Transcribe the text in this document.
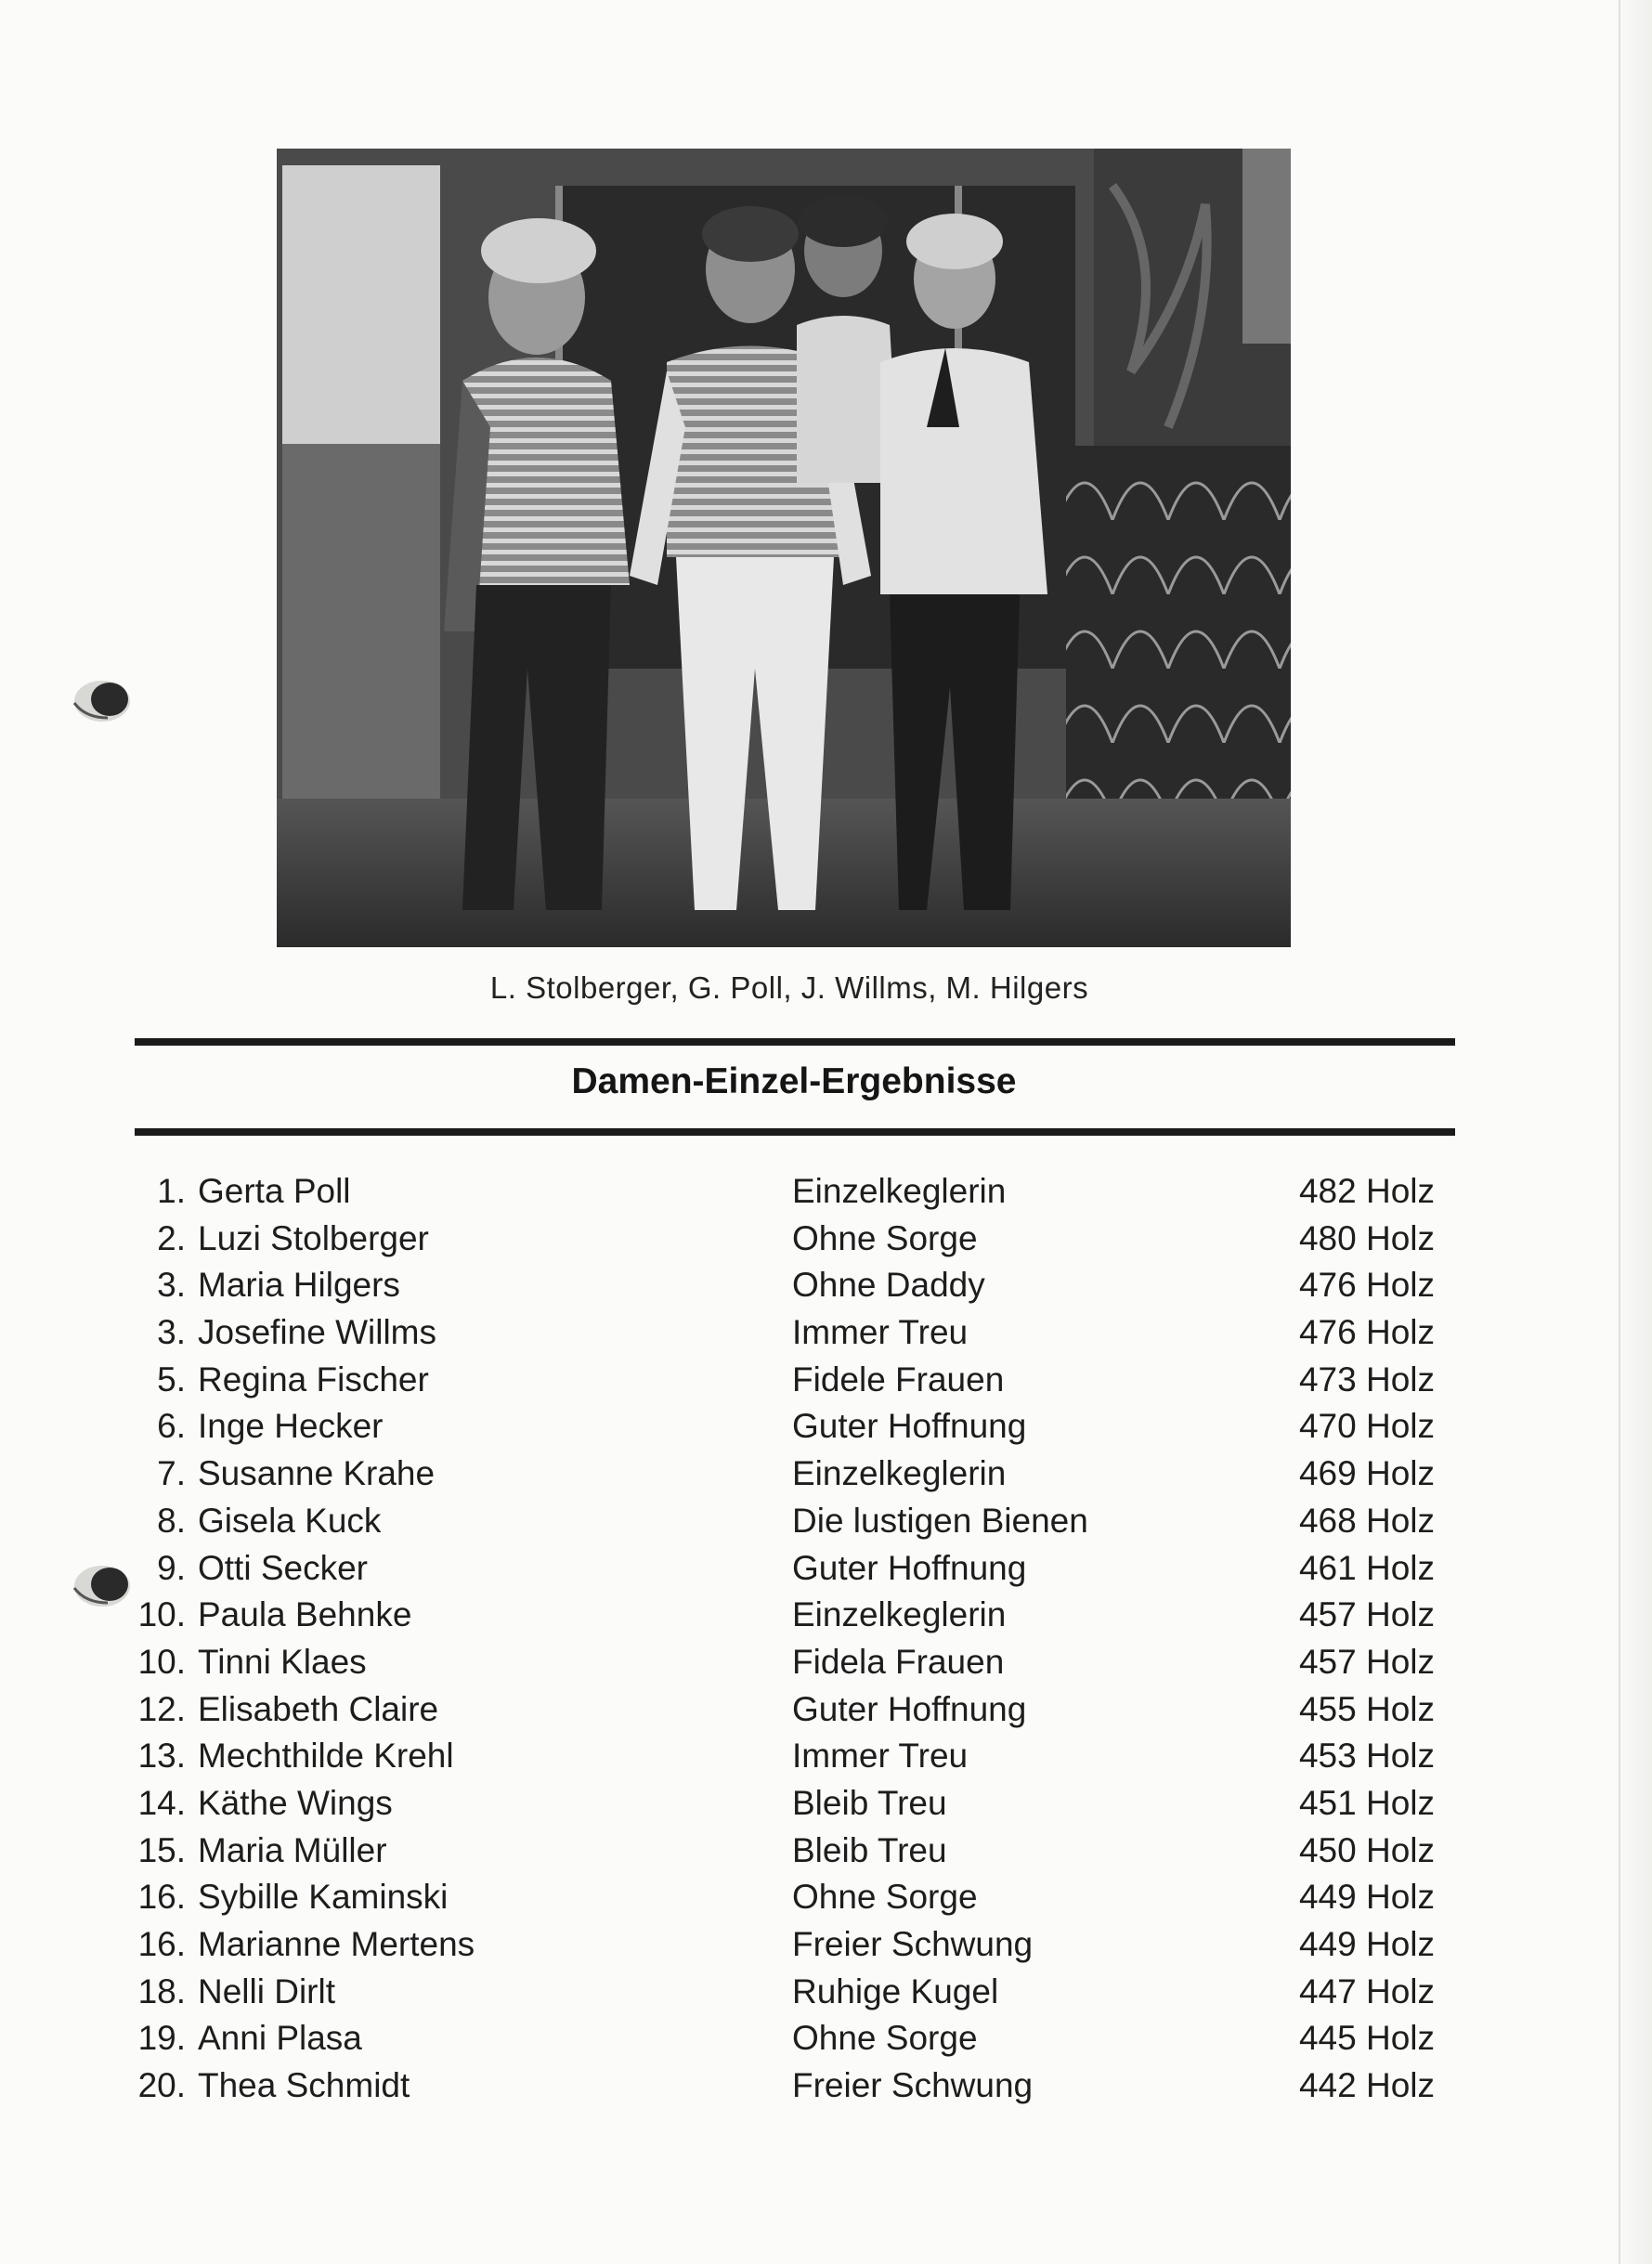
L. Stolberger, G. Poll, J. Willms, M. Hilgers
Damen-Einzel-Ergebnisse
1. Gerta Poll	Einzelkeglerin	482 Holz
2. Luzi Stolberger	Ohne Sorge	480 Holz
3. Maria Hilgers	Ohne Daddy	476 Holz
3. Josefine Willms	Immer Treu	476 Holz
5. Regina Fischer	Fidele Frauen	473 Holz
6. Inge Hecker	Guter Hoffnung	470 Holz
7. Susanne Krahe	Einzelkeglerin	469 Holz
8. Gisela Kuck	Die lustigen Bienen	468 Holz
9. Otti Secker	Guter Hoffnung	461 Holz
10. Paula Behnke	Einzelkeglerin	457 Holz
10. Tinni Klaes	Fidela Frauen	457 Holz
12. Elisabeth Claire	Guter Hoffnung	455 Holz
13. Mechthilde Krehl	Immer Treu	453 Holz
14. Käthe Wings	Bleib Treu	451 Holz
15. Maria Müller	Bleib Treu	450 Holz
16. Sybille Kaminski	Ohne Sorge	449 Holz
16. Marianne Mertens	Freier Schwung	449 Holz
18. Nelli Dirlt	Ruhige Kugel	447 Holz
19. Anni Plasa	Ohne Sorge	445 Holz
20. Thea Schmidt	Freier Schwung	442 Holz
